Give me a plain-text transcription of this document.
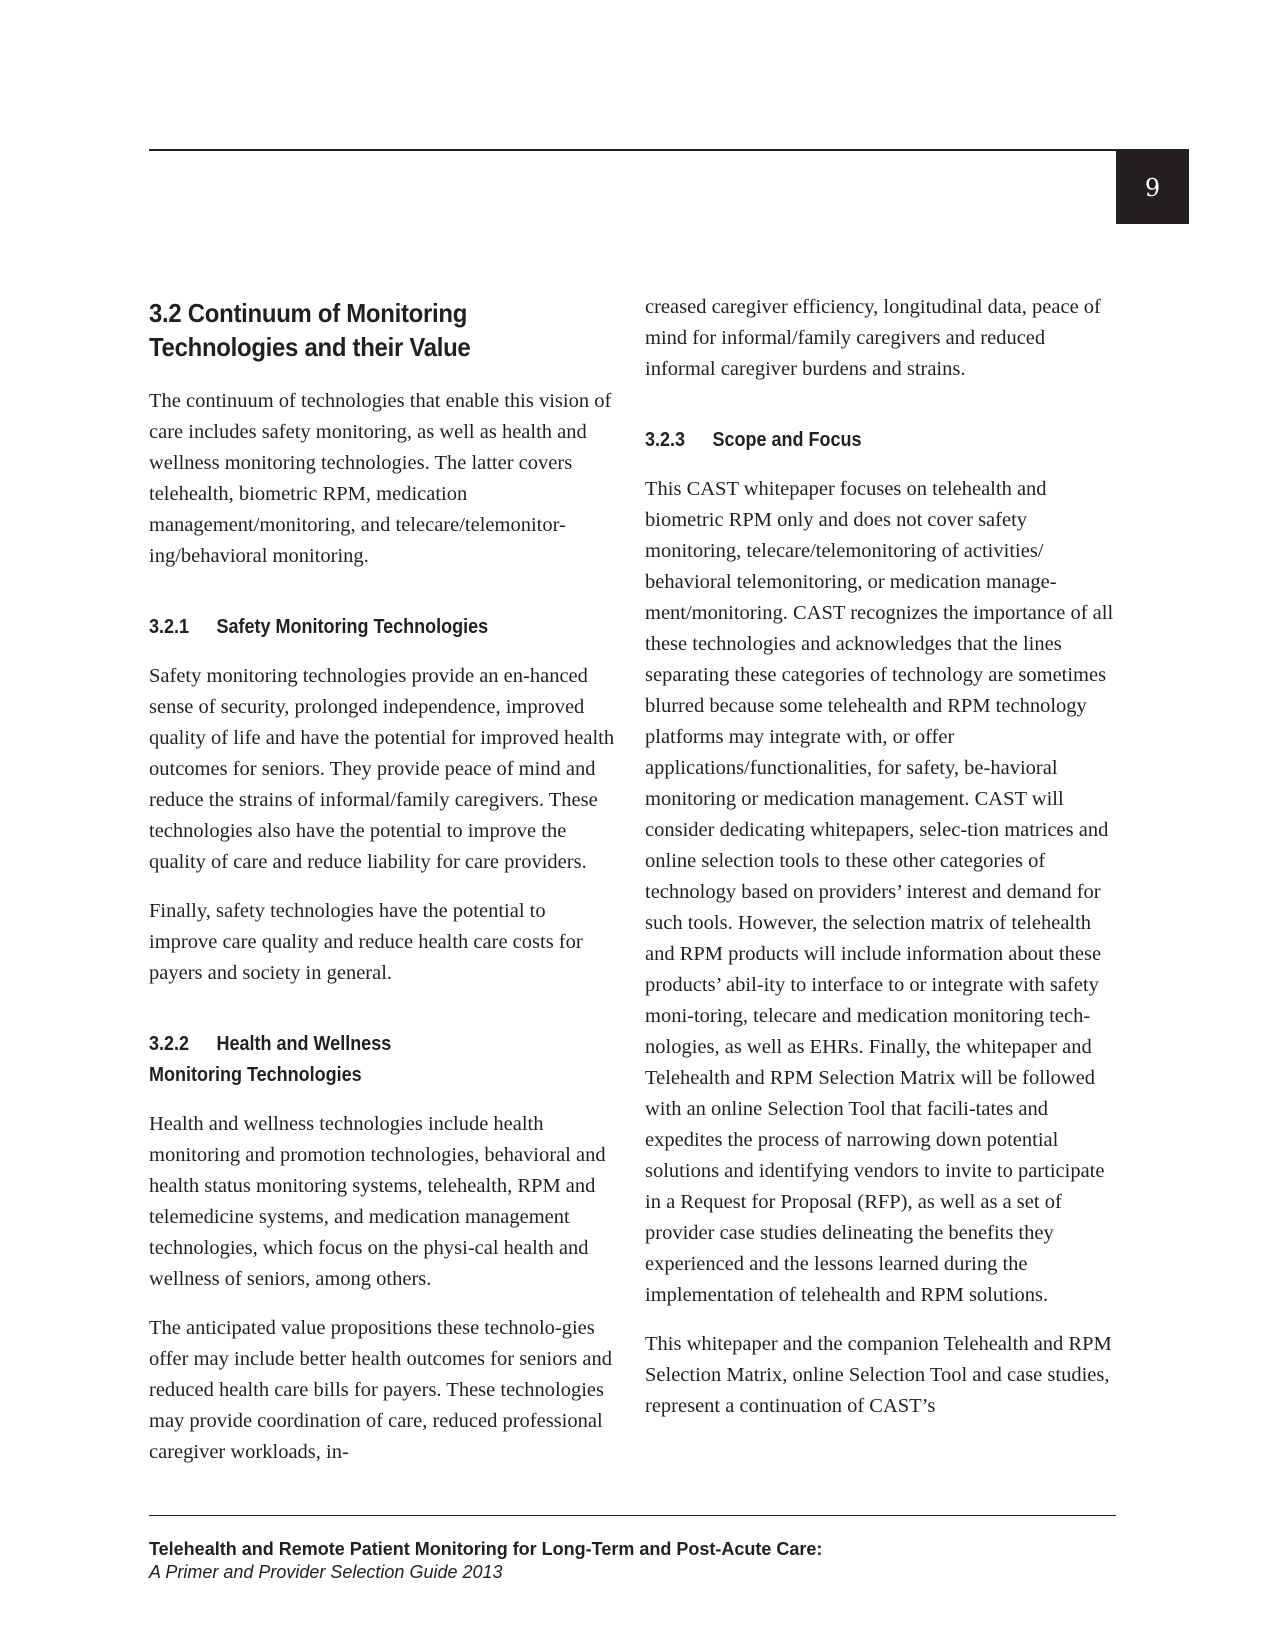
9
3.2 Continuum of Monitoring Technologies and their Value

The continuum of technologies that enable this vision of care includes safety monitoring, as well as health and wellness monitoring technologies. The latter covers telehealth, biometric RPM, medication management/monitoring, and telecare/telemonitor-ing/behavioral monitoring.

3.2.1 Safety Monitoring Technologies

Safety monitoring technologies provide an en-hanced sense of security, prolonged independence, improved quality of life and have the potential for improved health outcomes for seniors. They provide peace of mind and reduce the strains of informal/family caregivers. These technologies also have the potential to improve the quality of care and reduce liability for care providers.

Finally, safety technologies have the potential to improve care quality and reduce health care costs for payers and society in general.

3.2.2	Health and Wellness Monitoring Technologies

Health and wellness technologies include health monitoring and promotion technologies, behavioral and health status monitoring systems, telehealth, RPM and telemedicine systems, and medication management technologies, which focus on the physi-cal health and wellness of seniors, among others.

The anticipated value propositions these technolo-gies offer may include better health outcomes for seniors and reduced health care bills for payers. These technologies may provide coordination of care, reduced professional caregiver workloads, in-

creased caregiver efficiency, longitudinal data, peace of mind for informal/family caregivers and reduced informal caregiver burdens and strains.

3.2.3 Scope and Focus

This CAST whitepaper focuses on telehealth and biometric RPM only and does not cover safety monitoring, telecare/telemonitoring of activities/ behavioral telemonitoring, or medication manage-ment/monitoring. CAST recognizes the importance of all these technologies and acknowledges that the lines separating these categories of technology are sometimes blurred because some telehealth and RPM technology platforms may integrate with, or offer applications/functionalities, for safety, be-havioral monitoring or medication management. CAST will consider dedicating whitepapers, selec-tion matrices and online selection tools to these other categories of technology based on providers’ interest and demand for such tools. However, the selection matrix of telehealth and RPM products will include information about these products’ abil-ity to interface to or integrate with safety moni-toring, telecare and medication monitoring tech-nologies, as well as EHRs. Finally, the whitepaper and Telehealth and RPM Selection Matrix will be followed with an online Selection Tool that facili-tates and expedites the process of narrowing down potential solutions and identifying vendors to invite to participate in a Request for Proposal (RFP), as well as a set of provider case studies delineating the benefits they experienced and the lessons learned during the implementation of telehealth and RPM solutions.

This whitepaper and the companion Telehealth and RPM Selection Matrix, online Selection Tool and case studies, represent a continuation of CAST’s

Telehealth and Remote Patient Monitoring for Long-Term and Post-Acute Care:
A Primer and Provider Selection Guide 2013
